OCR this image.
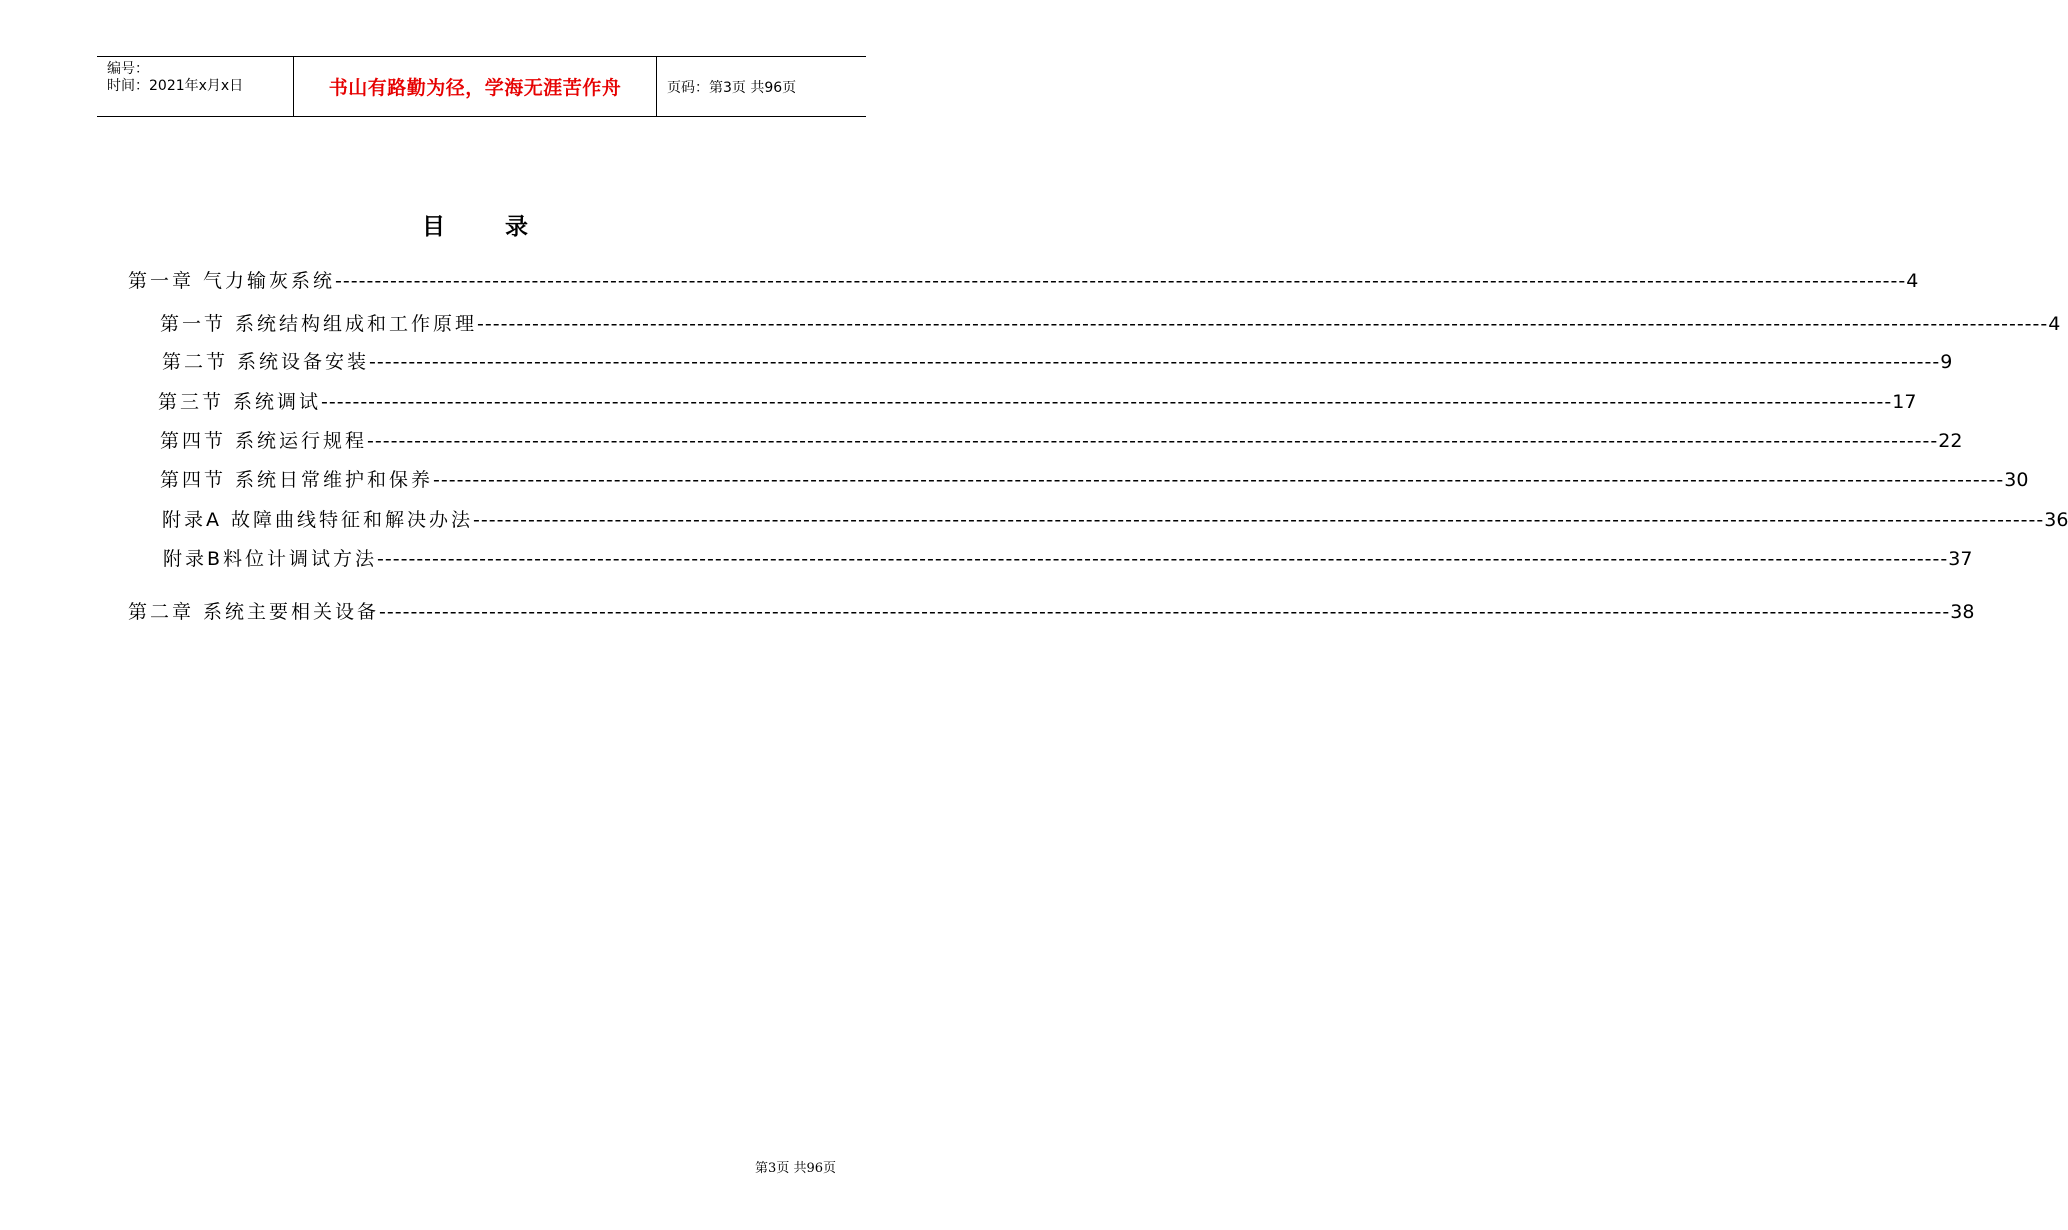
编号：
时间：2021年x月x日	书山有路勤为径，学海无涯苦作舟	页码：第3页 共96页
目 录
第一章 气力输灰系统 -------------------------------------------------------------------------------------------------------------------------------------------------------------------------------------------------------- 4
第一节 系统结构组成和工作原理 -------------------------------------------------------------------------------------------------------------------------------------------------------------------------------------------------------- 4
第二节 系统设备安装 -------------------------------------------------------------------------------------------------------------------------------------------------------------------------------------------------------- 9
第三节 系统调试 -------------------------------------------------------------------------------------------------------------------------------------------------------------------------------------------------------- 17
第四节 系统运行规程 -------------------------------------------------------------------------------------------------------------------------------------------------------------------------------------------------------- 22
第四节 系统日常维护和保养 -------------------------------------------------------------------------------------------------------------------------------------------------------------------------------------------------------- 30
附录A 故障曲线特征和解决办法 -------------------------------------------------------------------------------------------------------------------------------------------------------------------------------------------------------- 36
附录B料位计调试方法 -------------------------------------------------------------------------------------------------------------------------------------------------------------------------------------------------------- 37
第二章 系统主要相关设备 -------------------------------------------------------------------------------------------------------------------------------------------------------------------------------------------------------- 38
第3页 共96页
